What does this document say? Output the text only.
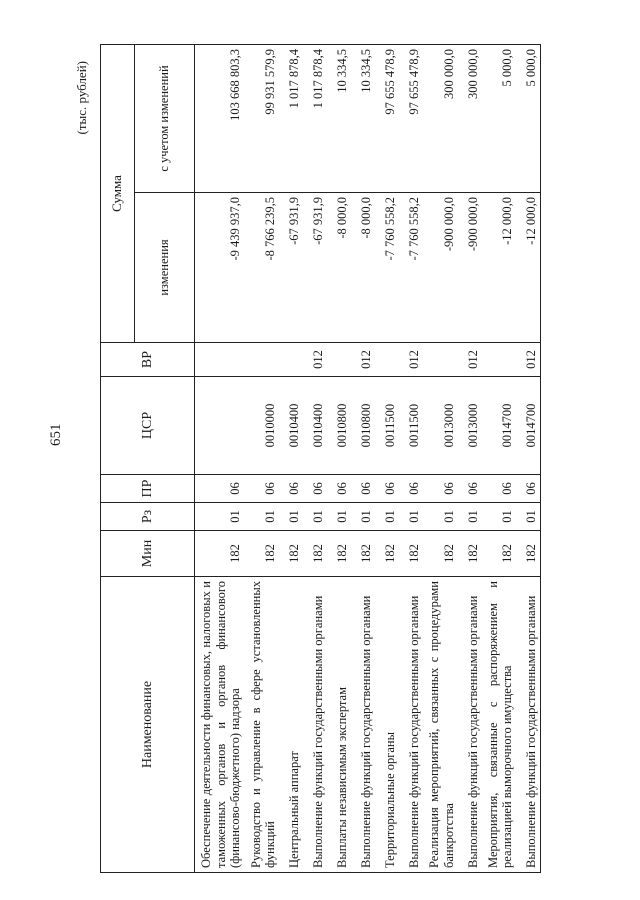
651
(тыс. рублей)
Наименование	Мин	Рз	ПР	ЦСР	ВР	Сумма	
						изменения	с учетом изменений
Обеспечение деятельности финансовых, налоговых и таможенных органов и органов финансового (финансово-бюджетного) надзора	182	01	06			-9 439 937,0	103 668 803,3
Руководство и управление в сфере установленных функций	182	01	06	0010000		-8 766 239,5	99 931 579,9
Центральный аппарат	182	01	06	0010400		-67 931,9	1 017 878,4
Выполнение функций государственными органами	182	01	06	0010400	012	-67 931,9	1 017 878,4
Выплаты независимым экспертам	182	01	06	0010800		-8 000,0	10 334,5
Выполнение функций государственными органами	182	01	06	0010800	012	-8 000,0	10 334,5
Территориальные органы	182	01	06	0011500		-7 760 558,2	97 655 478,9
Выполнение функций государственными органами	182	01	06	0011500	012	-7 760 558,2	97 655 478,9
Реализация мероприятий, связанных с процедурами банкротства	182	01	06	0013000		-900 000,0	300 000,0
Выполнение функций государственными органами	182	01	06	0013000	012	-900 000,0	300 000,0
Мероприятия, связанные с распоряжением и реализацией выморочного имущества	182	01	06	0014700		-12 000,0	5 000,0
Выполнение функций государственными органами	182	01	06	0014700	012	-12 000,0	5 000,0
